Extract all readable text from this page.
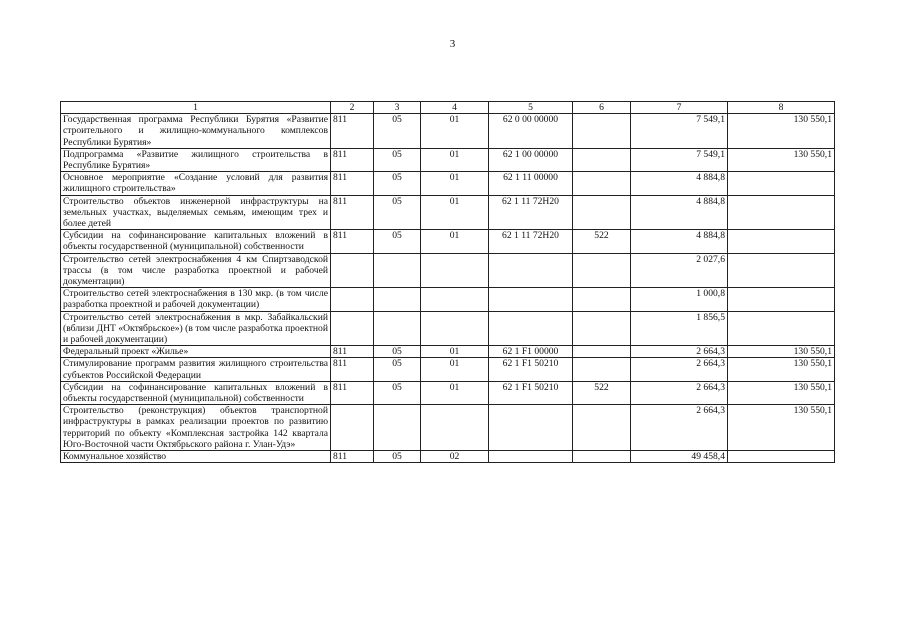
3
1	2	3	4	5	6	7	8
Государственная программа Республики Бурятия «Развитие строительного и жилищно-коммунального комплексов Республики Бурятия»	811	05	01	62 0 00 00000		7 549,1	130 550,1
Подпрограмма «Развитие жилищного строительства в Республике Бурятия»	811	05	01	62 1 00 00000		7 549,1	130 550,1
Основное мероприятие «Создание условий для развития жилищного строительства»	811	05	01	62 1 11 00000		4 884,8	
Строительство объектов инженерной инфраструктуры на земельных участках, выделяемых семьям, имеющим трех и более детей	811	05	01	62 1 11 72Н20		4 884,8	
Субсидии на софинансирование капитальных вложений в объекты государственной (муниципальной) собственности	811	05	01	62 1 11 72Н20	522	4 884,8	
Строительство сетей электроснабжения 4 км Спиртзаводской трассы (в том числе разработка проектной и рабочей документации)						2 027,6	
Строительство сетей электроснабжения в 130 мкр. (в том числе разработка проектной и рабочей документации)						1 000,8	
Строительство сетей электроснабжения в мкр. Забайкальский (вблизи ДНТ «Октябрьское») (в том числе разработка проектной и рабочей документации)						1 856,5	
Федеральный проект «Жилье»	811	05	01	62 1 F1 00000		2 664,3	130 550,1
Стимулирование программ развития жилищного строительства субъектов Российской Федерации	811	05	01	62 1 F1 50210		2 664,3	130 550,1
Субсидии на софинансирование капитальных вложений в объекты государственной (муниципальной) собственности	811	05	01	62 1 F1 50210	522	2 664,3	130 550,1
Строительство (реконструкция) объектов транспортной инфраструктуры в рамках реализации проектов по развитию территорий по объекту «Комплексная застройка 142 квартала Юго-Восточной части Октябрьского района г. Улан-Удэ»						2 664,3	130 550,1
Коммунальное хозяйство	811	05	02			49 458,4	
